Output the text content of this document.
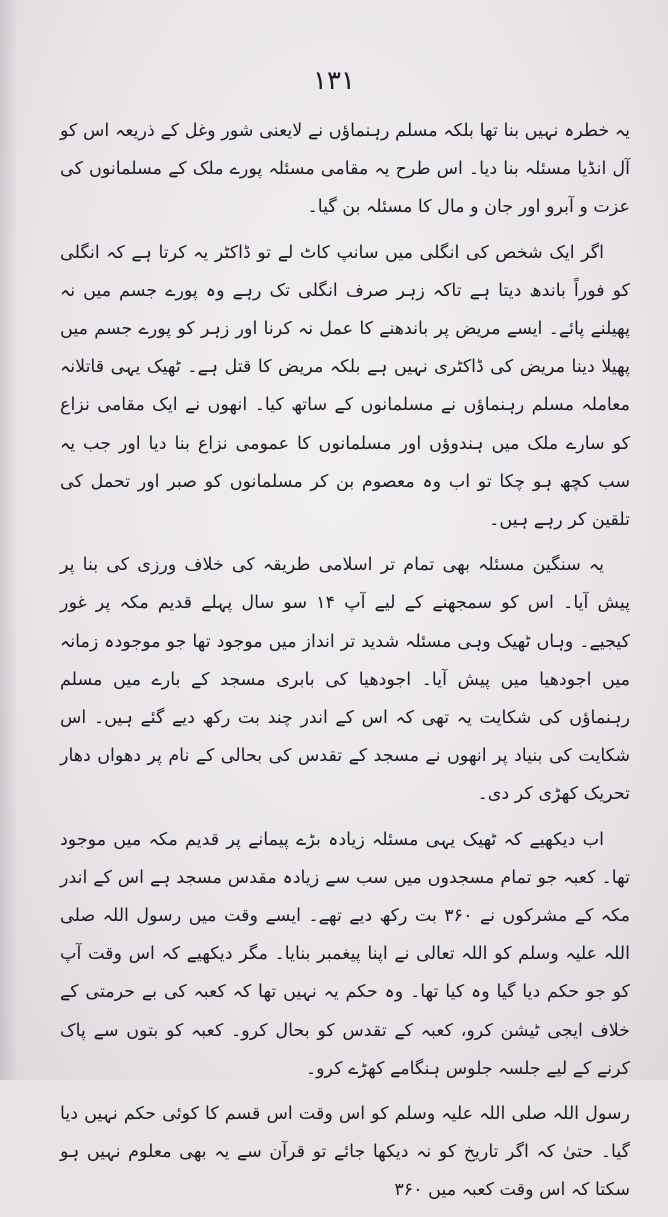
۱۳۱

یہ خطرہ نہیں بنا تھا بلکہ مسلم رہنماؤں نے لایعنی شور وغل کے ذریعہ اس کو آل انڈیا مسئلہ بنا دیا۔ اس طرح یہ مقامی مسئلہ پورے ملک کے مسلمانوں کی عزت و آبرو اور جان و مال کا مسئلہ بن گیا۔

اگر ایک شخص کی انگلی میں سانپ کاٹ لے تو ڈاکٹر یہ کرتا ہے کہ انگلی کو فوراً باندھ دیتا ہے تاکہ زہر صرف انگلی تک رہے وہ پورے جسم میں نہ پھیلنے پائے۔ ایسے مریض پر باندھنے کا عمل نہ کرنا اور زہر کو پورے جسم میں پھیلا دینا مریض کی ڈاکٹری نہیں ہے بلکہ مریض کا قتل ہے۔ ٹھیک یہی قاتلانہ معاملہ مسلم رہنماؤں نے مسلمانوں کے ساتھ کیا۔ انھوں نے ایک مقامی نزاع کو سارے ملک میں ہندوؤں اور مسلمانوں کا عمومی نزاع بنا دیا اور جب یہ سب کچھ ہو چکا تو اب وہ معصوم بن کر مسلمانوں کو صبر اور تحمل کی تلقین کر رہے ہیں۔

یہ سنگین مسئلہ بھی تمام تر اسلامی طریقہ کی خلاف ورزی کی بنا پر پیش آیا۔ اس کو سمجھنے کے لیے آپ ۱۴ سو سال پہلے قدیم مکہ پر غور کیجیے۔ وہاں ٹھیک وہی مسئلہ شدید تر انداز میں موجود تھا جو موجودہ زمانہ میں اجودھیا میں پیش آیا۔ اجودھیا کی بابری مسجد کے بارے میں مسلم رہنماؤں کی شکایت یہ تھی کہ اس کے اندر چند بت رکھ دیے گئے ہیں۔ اس شکایت کی بنیاد پر انھوں نے مسجد کے تقدس کی بحالی کے نام پر دھواں دھار تحریک کھڑی کر دی۔

اب دیکھیے کہ ٹھیک یہی مسئلہ زیادہ بڑے پیمانے پر قدیم مکہ میں موجود تھا۔ کعبہ جو تمام مسجدوں میں سب سے زیادہ مقدس مسجد ہے اس کے اندر مکہ کے مشرکوں نے ۳۶۰ بت رکھ دیے تھے۔ ایسے وقت میں رسول اللہ صلی اللہ علیہ وسلم کو اللہ تعالی نے اپنا پیغمبر بنایا۔ مگر دیکھیے کہ اس وقت آپ کو جو حکم دیا گیا وہ کیا تھا۔ وہ حکم یہ نہیں تھا کہ کعبہ کی بے حرمتی کے خلاف ایجی ٹیشن کرو، کعبہ کے تقدس کو بحال کرو۔ کعبہ کو بتوں سے پاک کرنے کے لیے جلسہ جلوس ہنگامے کھڑے کرو۔

رسول اللہ صلی اللہ علیہ وسلم کو اس وقت اس قسم کا کوئی حکم نہیں دیا گیا۔ حتیٰ کہ اگر تاریخ کو نہ دیکھا جائے تو قرآن سے یہ بھی معلوم نہیں ہو سکتا کہ اس وقت کعبہ میں ۳۶۰
